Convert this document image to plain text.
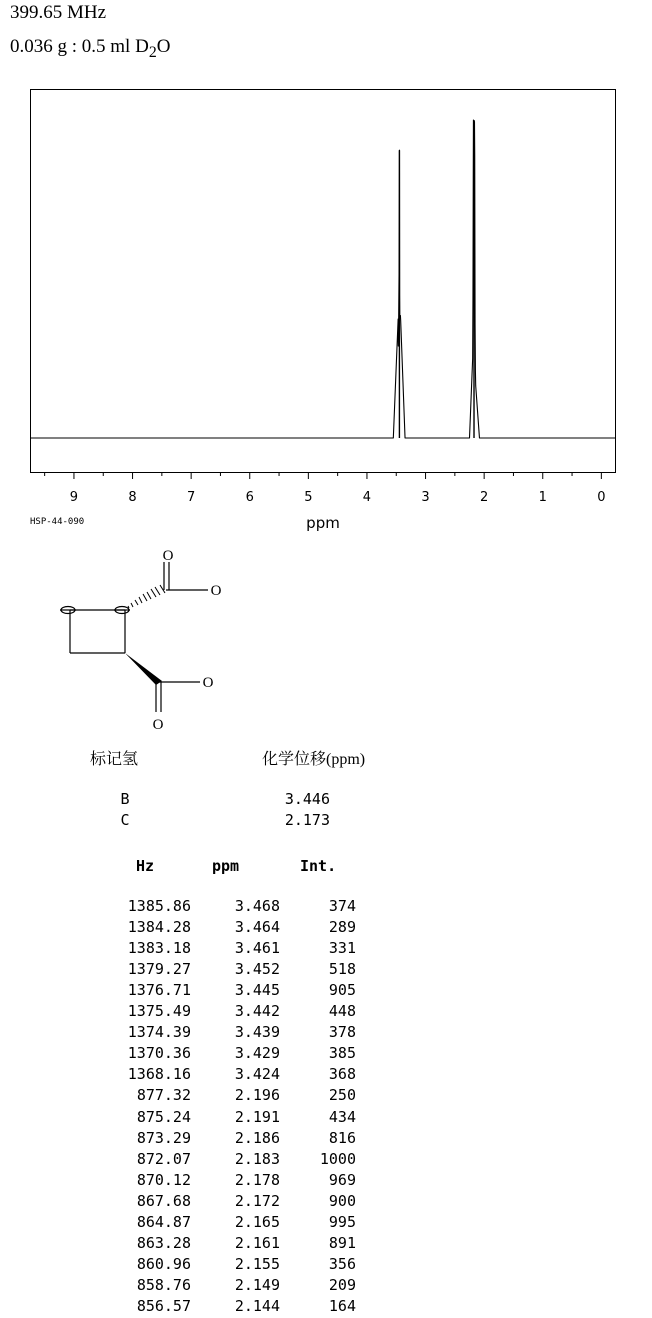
399.65 MHz
0.036 g : 0.5 ml $D_2O$
9	8	7	6	5	4	3	2	1	0
ppm
HSP-44-090
O
O
O
O
标记氢	化学位移(ppm)
B	3.446
C	2.173
Hz	ppm	Int.
1385.86	3.468	374
1384.28	3.464	289
1383.18	3.461	331
1379.27	3.452	518
1376.71	3.445	905
1375.49	3.442	448
1374.39	3.439	378
1370.36	3.429	385
1368.16	3.424	368
877.32	2.196	250
875.24	2.191	434
873.29	2.186	816
872.07	2.183	1000
870.12	2.178	969
867.68	2.172	900
864.87	2.165	995
863.28	2.161	891
860.96	2.155	356
858.76	2.149	209
856.57	2.144	164
